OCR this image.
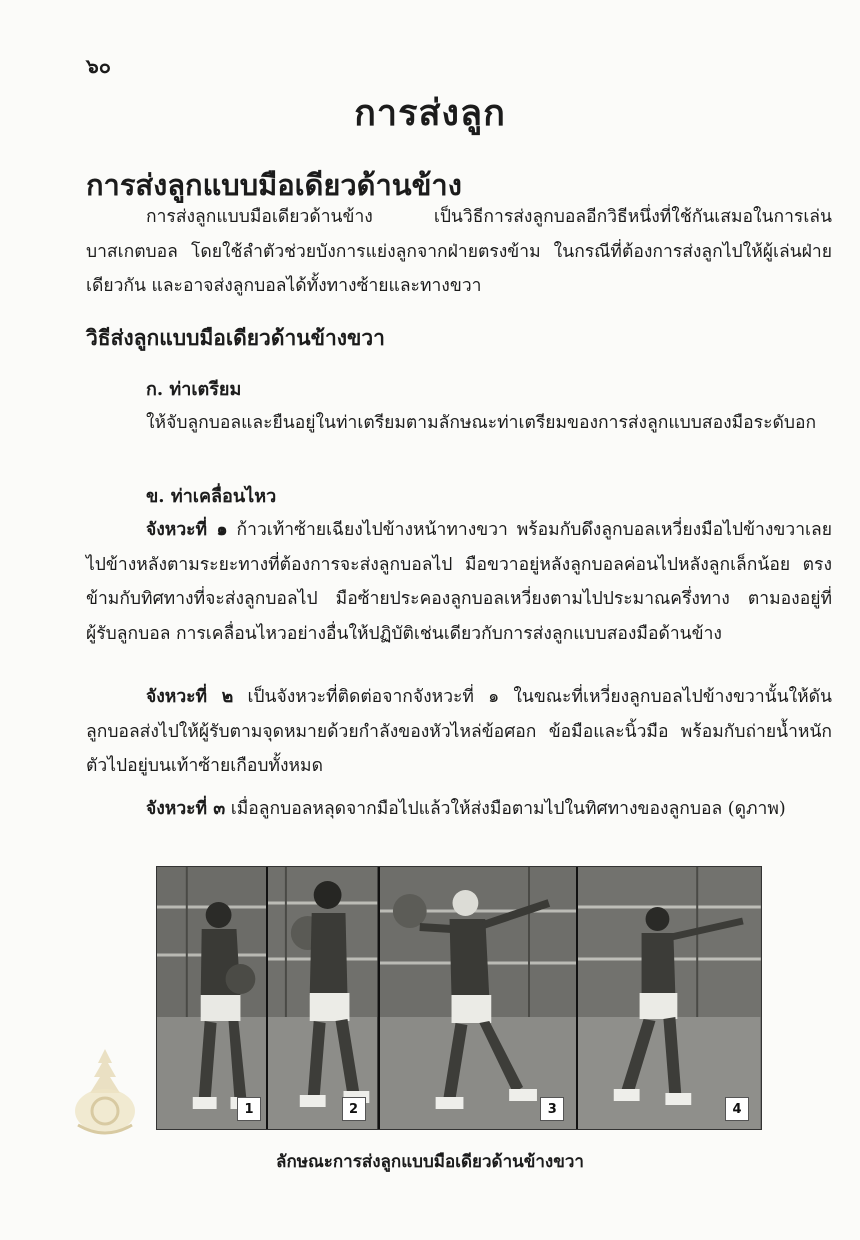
๖๐
การส่งลูก
การส่งลูกแบบมือเดียวด้านข้าง

การส่งลูกแบบมือเดียวด้านข้าง เป็นวิธีการส่งลูกบอลอีกวิธีหนึ่งที่ใช้กันเสมอในการเล่นบาสเกตบอล โดยใช้ลำตัวช่วยบังการแย่งลูกจากฝ่ายตรงข้าม ในกรณีที่ต้องการส่งลูกไปให้ผู้เล่นฝ่ายเดียวกัน และอาจส่งลูกบอลได้ทั้งทางซ้ายและทางขวา

วิธีส่งลูกแบบมือเดียวด้านข้างขวา
ก. ท่าเตรียม

ให้จับลูกบอลและยืนอยู่ในท่าเตรียมตามลักษณะท่าเตรียมของการส่งลูกแบบสองมือระดับอก

ข. ท่าเคลื่อนไหว

จังหวะที่ ๑ ก้าวเท้าซ้ายเฉียงไปข้างหน้าทางขวา พร้อมกับดึงลูกบอลเหวี่ยงมือไปข้างขวาเลยไปข้างหลังตามระยะทางที่ต้องการจะส่งลูกบอลไป มือขวาอยู่หลังลูกบอลค่อนไปหลังลูกเล็กน้อย ตรงข้ามกับทิศทางที่จะส่งลูกบอลไป มือซ้ายประคองลูกบอลเหวี่ยงตามไปประมาณครึ่งทาง ตามองอยู่ที่ผู้รับลูกบอล การเคลื่อนไหวอย่างอื่นให้ปฏิบัติเช่นเดียวกับการส่งลูกแบบสองมือด้านข้าง

จังหวะที่ ๒ เป็นจังหวะที่ติดต่อจากจังหวะที่ ๑ ในขณะที่เหวี่ยงลูกบอลไปข้างขวานั้นให้ดันลูกบอลส่งไปให้ผู้รับตามจุดหมายด้วยกำลังของหัวไหล่ข้อศอก ข้อมือและนิ้วมือ พร้อมกับถ่ายน้ำหนักตัวไปอยู่บนเท้าซ้ายเกือบทั้งหมด

จังหวะที่ ๓ เมื่อลูกบอลหลุดจากมือไปแล้วให้ส่งมือตามไปในทิศทางของลูกบอล (ดูภาพ)

1	2	3	4
ลักษณะการส่งลูกแบบมือเดียวด้านข้างขวา
